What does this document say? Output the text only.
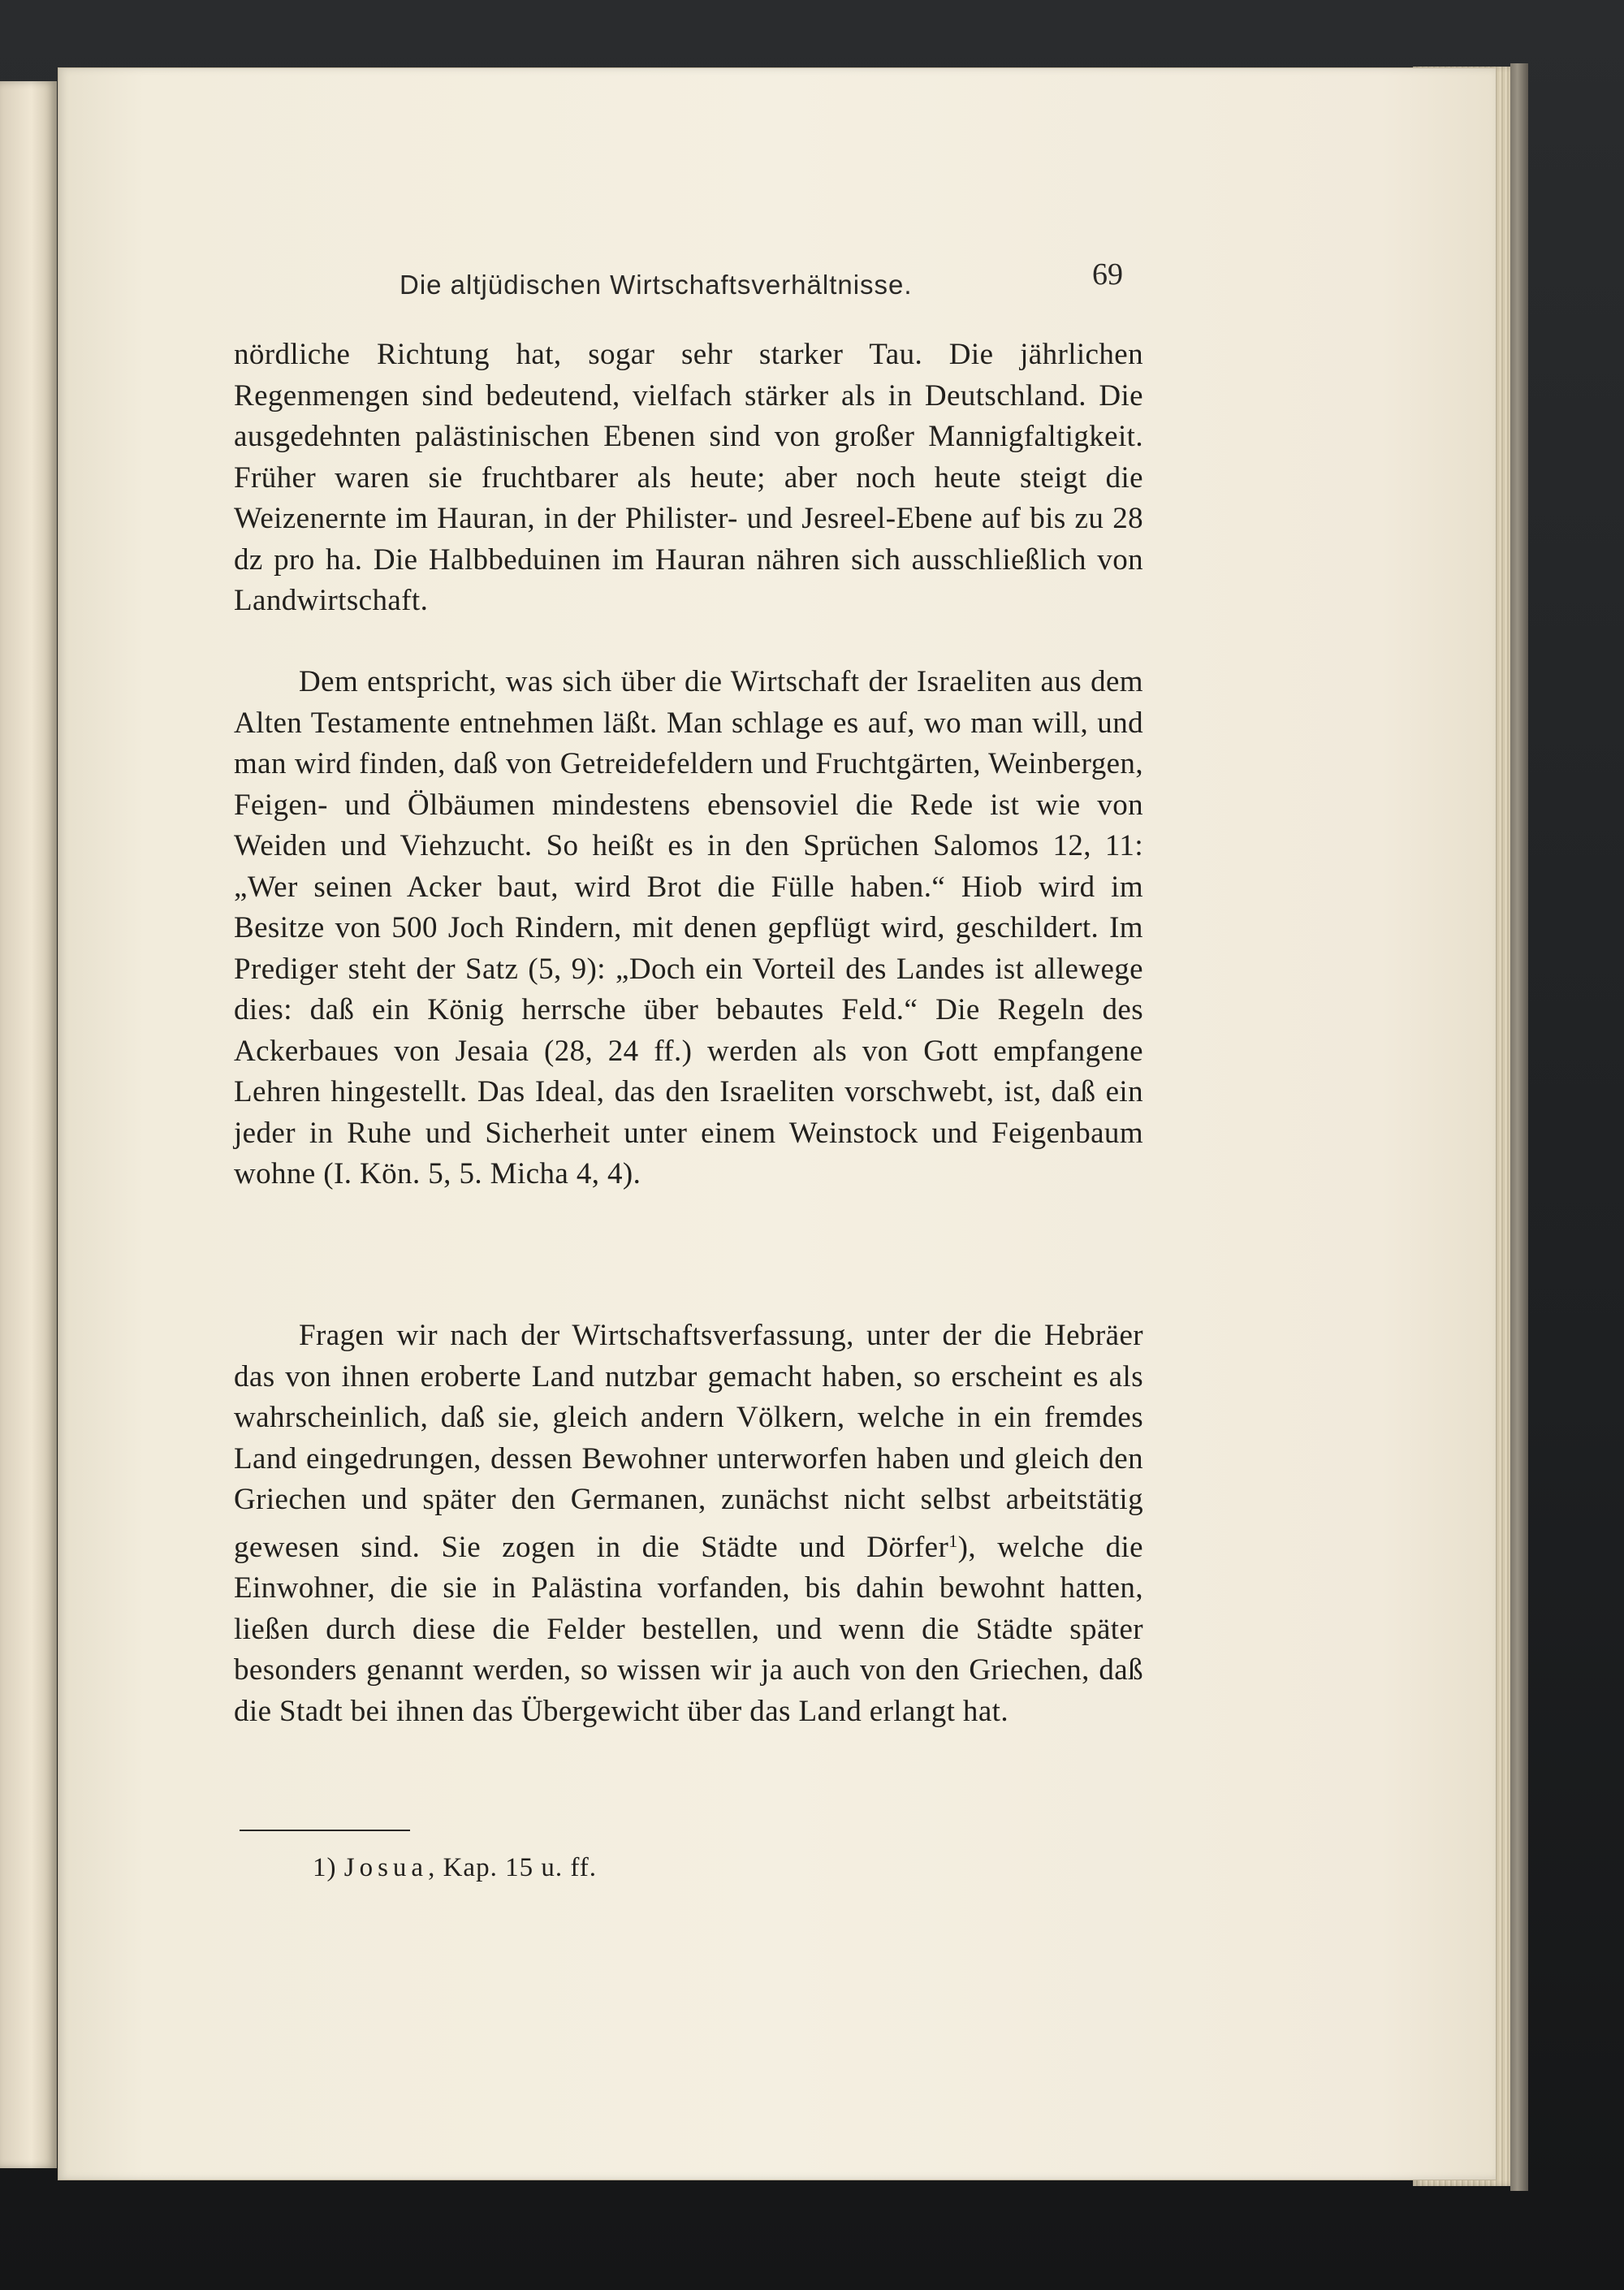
Die altjüdischen Wirtschaftsverhältnisse.	69
nördliche Richtung hat, sogar sehr starker Tau. Die jährlichen Regenmengen sind bedeutend, vielfach stärker als in Deutschland. Die ausgedehnten palästinischen Ebenen sind von großer Mannigfaltigkeit. Früher waren sie fruchtbarer als heute; aber noch heute steigt die Weizenernte im Hauran, in der Philister- und Jesreel-Ebene auf bis zu 28 dz pro ha. Die Halbbeduinen im Hauran nähren sich ausschließlich von Landwirtschaft.
Dem entspricht, was sich über die Wirtschaft der Israeliten aus dem Alten Testamente entnehmen läßt. Man schlage es auf, wo man will, und man wird finden, daß von Getreidefeldern und Fruchtgärten, Weinbergen, Feigen- und Ölbäumen mindestens ebensoviel die Rede ist wie von Weiden und Viehzucht. So heißt es in den Sprüchen Salomos 12, 11: „Wer seinen Acker baut, wird Brot die Fülle haben.“ Hiob wird im Besitze von 500 Joch Rindern, mit denen gepflügt wird, geschildert. Im Prediger steht der Satz (5, 9): „Doch ein Vorteil des Landes ist allewege dies: daß ein König herrsche über bebautes Feld.“ Die Regeln des Ackerbaues von Jesaia (28, 24 ff.) werden als von Gott empfangene Lehren hingestellt. Das Ideal, das den Israeliten vorschwebt, ist, daß ein jeder in Ruhe und Sicherheit unter einem Weinstock und Feigenbaum wohne (I. Kön. 5, 5. Micha 4, 4).
Fragen wir nach der Wirtschaftsverfassung, unter der die Hebräer das von ihnen eroberte Land nutzbar gemacht haben, so erscheint es als wahrscheinlich, daß sie, gleich andern Völkern, welche in ein fremdes Land eingedrungen, dessen Bewohner unterworfen haben und gleich den Griechen und später den Germanen, zunächst nicht selbst arbeitstätig gewesen sind. Sie zogen in die Städte und Dörfer$^1$), welche die Einwohner, die sie in Palästina vorfanden, bis dahin bewohnt hatten, ließen durch diese die Felder bestellen, und wenn die Städte später besonders genannt werden, so wissen wir ja auch von den Griechen, daß die Stadt bei ihnen das Übergewicht über das Land erlangt hat.
1) Josua, Kap. 15 u. ff.
